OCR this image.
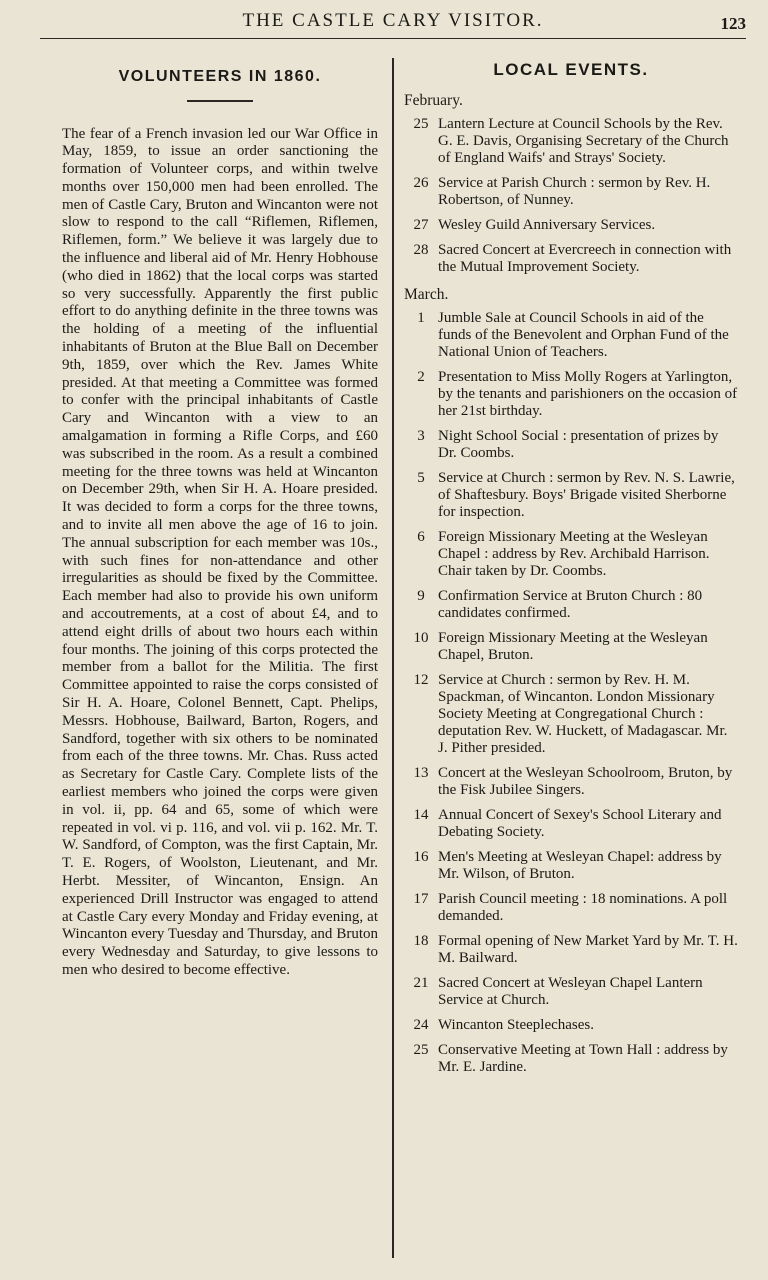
THE CASTLE CARY VISITOR.	123
VOLUNTEERS IN 1860.

The fear of a French invasion led our War Office in May, 1859, to issue an order sanctioning the formation of Volunteer corps, and within twelve months over 150,000 men had been enrolled. The men of Castle Cary, Bruton and Wincanton were not slow to respond to the call “Riflemen, Riflemen, Riflemen, form.” We believe it was largely due to the influence and liberal aid of Mr. Henry Hobhouse (who died in 1862) that the local corps was started so very successfully. Apparently the first public effort to do anything definite in the three towns was the holding of a meeting of the influential inhabitants of Bruton at the Blue Ball on December 9th, 1859, over which the Rev. James White presided. At that meeting a Committee was formed to confer with the principal inhabitants of Castle Cary and Wincanton with a view to an amalgamation in forming a Rifle Corps, and £60 was subscribed in the room. As a result a combined meeting for the three towns was held at Wincanton on December 29th, when Sir H. A. Hoare presided. It was decided to form a corps for the three towns, and to invite all men above the age of 16 to join. The annual subscription for each member was 10s., with such fines for non-attendance and other irregularities as should be fixed by the Committee. Each member had also to provide his own uniform and accoutrements, at a cost of about £4, and to attend eight drills of about two hours each within four months. The joining of this corps protected the member from a ballot for the Militia. The first Committee appointed to raise the corps consisted of Sir H. A. Hoare, Colonel Bennett, Capt. Phelips, Messrs. Hobhouse, Bailward, Barton, Rogers, and Sandford, together with six others to be nominated from each of the three towns. Mr. Chas. Russ acted as Secretary for Castle Cary. Complete lists of the earliest members who joined the corps were given in vol. ii, pp. 64 and 65, some of which were repeated in vol. vi p. 116, and vol. vii p. 162. Mr. T. W. Sandford, of Compton, was the first Captain, Mr. T. E. Rogers, of Woolston, Lieutenant, and Mr. Herbt. Messiter, of Wincanton, Ensign. An experienced Drill Instructor was engaged to attend at Castle Cary every Monday and Friday evening, at Wincanton every Tuesday and Thursday, and Bruton every Wednesday and Saturday, to give lessons to men who desired to become effective.

LOCAL EVENTS.
February.
25 Lantern Lecture at Council Schools by the Rev. G. E. Davis, Organising Secretary of the Church of England Waifs' and Strays' Society.
26 Service at Parish Church : sermon by Rev. H. Robertson, of Nunney.
27 Wesley Guild Anniversary Services.
28 Sacred Concert at Evercreech in connection with the Mutual Improvement Society.
March.
1 Jumble Sale at Council Schools in aid of the funds of the Benevolent and Orphan Fund of the National Union of Teachers.
2 Presentation to Miss Molly Rogers at Yarlington, by the tenants and parishioners on the occasion of her 21st birthday.
3 Night School Social : presentation of prizes by Dr. Coombs.
5 Service at Church : sermon by Rev. N. S. Lawrie, of Shaftesbury. Boys' Brigade visited Sherborne for inspection.
6 Foreign Missionary Meeting at the Wesleyan Chapel : address by Rev. Archibald Harrison. Chair taken by Dr. Coombs.
9 Confirmation Service at Bruton Church : 80 candidates confirmed.
10 Foreign Missionary Meeting at the Wesleyan Chapel, Bruton.
12 Service at Church : sermon by Rev. H. M. Spackman, of Wincanton. London Missionary Society Meeting at Congregational Church : deputation Rev. W. Huckett, of Madagascar. Mr. J. Pither presided.
13 Concert at the Wesleyan Schoolroom, Bruton, by the Fisk Jubilee Singers.
14 Annual Concert of Sexey's School Literary and Debating Society.
16 Men's Meeting at Wesleyan Chapel: address by Mr. Wilson, of Bruton.
17 Parish Council meeting : 18 nominations. A poll demanded.
18 Formal opening of New Market Yard by Mr. T. H. M. Bailward.
21 Sacred Concert at Wesleyan Chapel Lantern Service at Church.
24 Wincanton Steeplechases.
25 Conservative Meeting at Town Hall : address by Mr. E. Jardine.
